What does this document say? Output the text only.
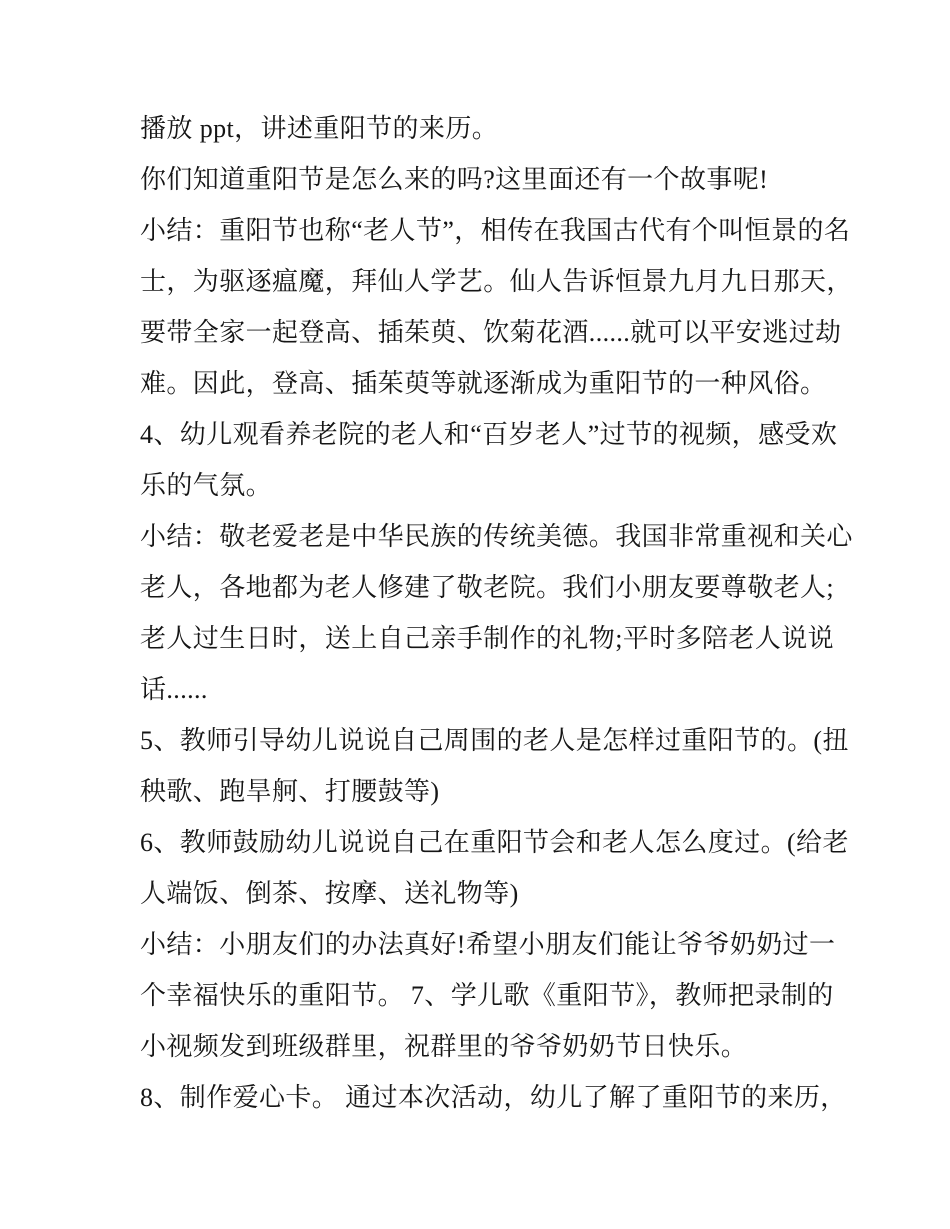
播放 ppt，讲述重阳节的来历。
你们知道重阳节是怎么来的吗?这里面还有一个故事呢!
小结：重阳节也称“老人节”，相传在我国古代有个叫恒景的名
士，为驱逐瘟魔，拜仙人学艺。仙人告诉恒景九月九日那天，
要带全家一起登高、插茱萸、饮菊花酒......就可以平安逃过劫
难。因此，登高、插茱萸等就逐渐成为重阳节的一种风俗。
4、幼儿观看养老院的老人和“百岁老人”过节的视频，感受欢
乐的气氛。
小结：敬老爱老是中华民族的传统美德。我国非常重视和关心
老人，各地都为老人修建了敬老院。我们小朋友要尊敬老人;
老人过生日时，送上自己亲手制作的礼物;平时多陪老人说说
话......
5、教师引导幼儿说说自己周围的老人是怎样过重阳节的。(扭
秧歌、跑旱舸、打腰鼓等)
6、教师鼓励幼儿说说自己在重阳节会和老人怎么度过。(给老
人端饭、倒茶、按摩、送礼物等)
小结：小朋友们的办法真好!希望小朋友们能让爷爷奶奶过一
个幸福快乐的重阳节。 7、学儿歌《重阳节》，教师把录制的
小视频发到班级群里，祝群里的爷爷奶奶节日快乐。
8、制作爱心卡。 通过本次活动，幼儿了解了重阳节的来历，
